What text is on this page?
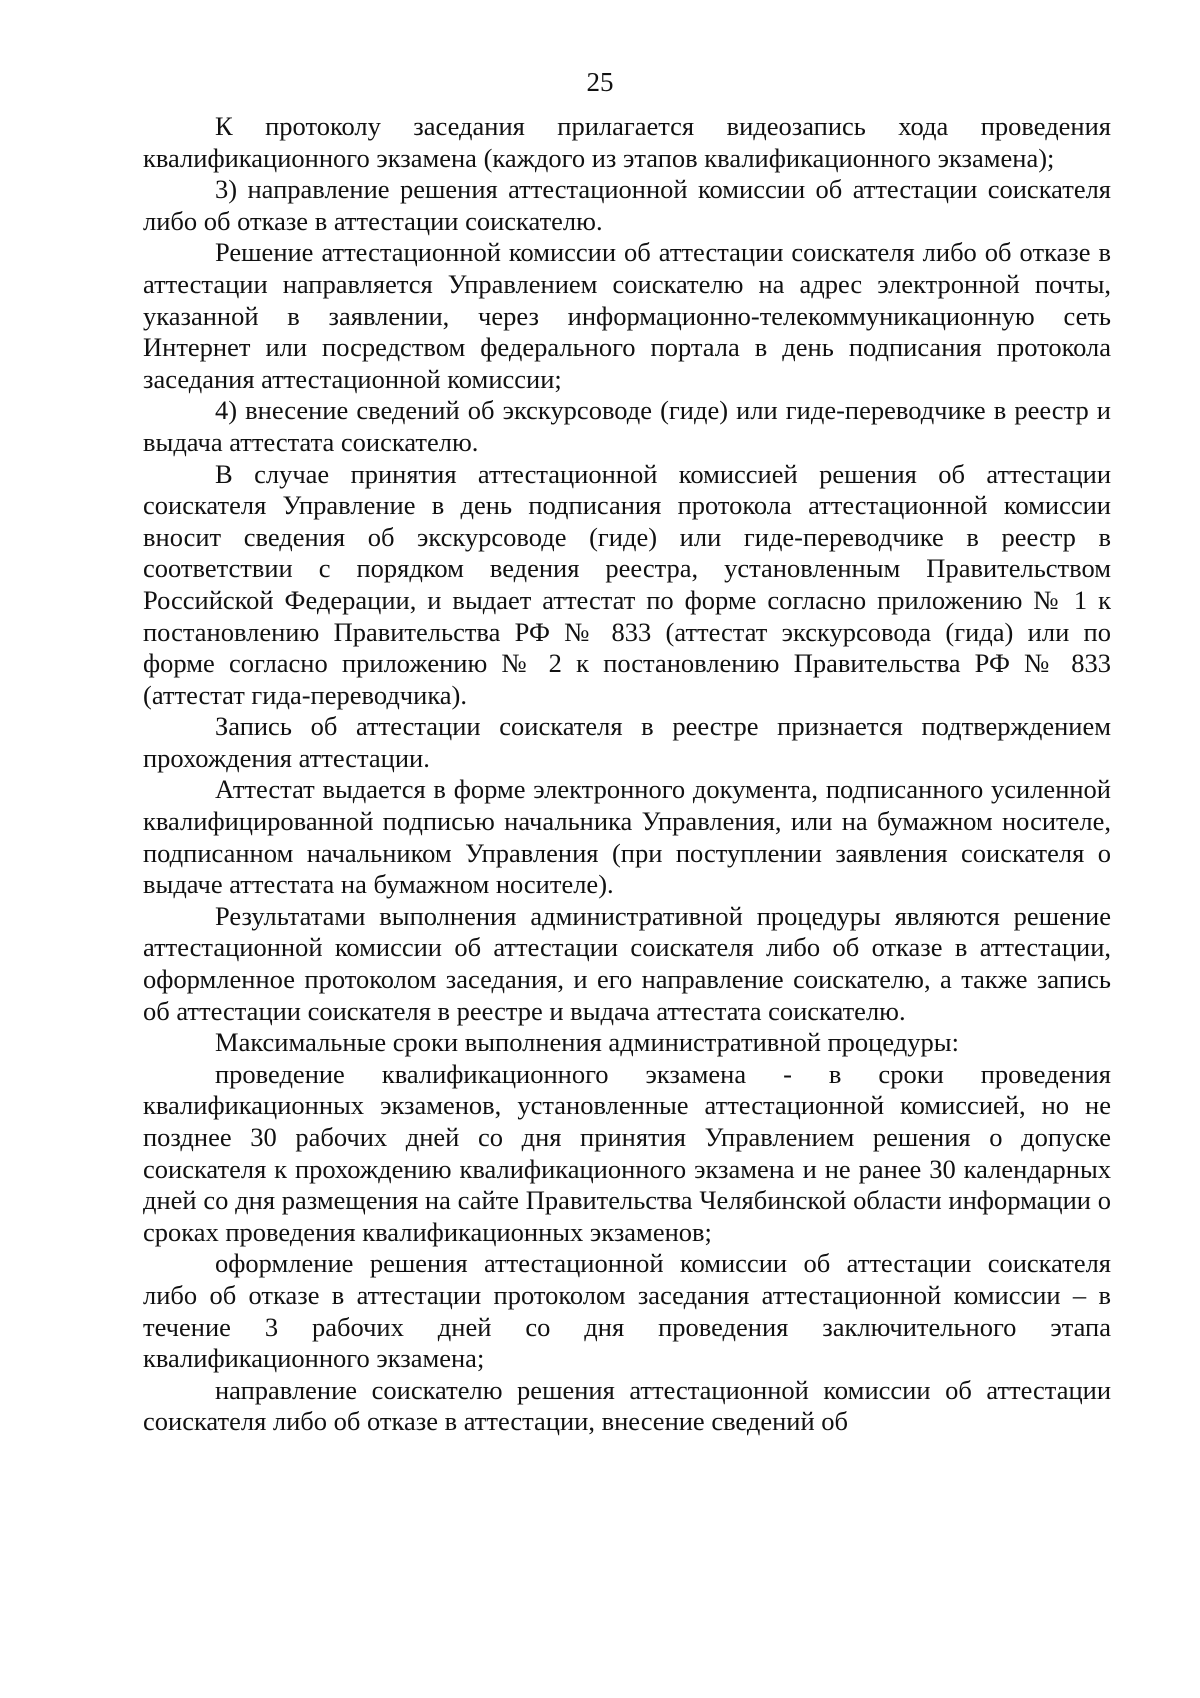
25

К протоколу заседания прилагается видеозапись хода проведения квалификационного экзамена (каждого из этапов квалификационного экзамена);

3) направление решения аттестационной комиссии об аттестации соискателя либо об отказе в аттестации соискателю.

Решение аттестационной комиссии об аттестации соискателя либо об отказе в аттестации направляется Управлением соискателю на адрес электронной почты, указанной в заявлении, через информационно-телекоммуникационную сеть Интернет или посредством федерального портала в день подписания протокола заседания аттестационной комиссии;

4) внесение сведений об экскурсоводе (гиде) или гиде-переводчике в реестр и выдача аттестата соискателю.

В случае принятия аттестационной комиссией решения об аттестации соискателя Управление в день подписания протокола аттестационной комиссии вносит сведения об экскурсоводе (гиде) или гиде-переводчике в реестр в соответствии с порядком ведения реестра, установленным Правительством Российской Федерации, и выдает аттестат по форме согласно приложению № 1 к постановлению Правительства РФ № 833 (аттестат экскурсовода (гида) или по форме согласно приложению № 2 к постановлению Правительства РФ № 833 (аттестат гида-переводчика).

Запись об аттестации соискателя в реестре признается подтверждением прохождения аттестации.

Аттестат выдается в форме электронного документа, подписанного усиленной квалифицированной подписью начальника Управления, или на бумажном носителе, подписанном начальником Управления (при поступлении заявления соискателя о выдаче аттестата на бумажном носителе).

Результатами выполнения административной процедуры являются решение аттестационной комиссии об аттестации соискателя либо об отказе в аттестации, оформленное протоколом заседания, и его направление соискателю, а также запись об аттестации соискателя в реестре и выдача аттестата соискателю.

Максимальные сроки выполнения административной процедуры:

проведение квалификационного экзамена - в сроки проведения квалификационных экзаменов, установленные аттестационной комиссией, но не позднее 30 рабочих дней со дня принятия Управлением решения о допуске соискателя к прохождению квалификационного экзамена и не ранее 30 календарных дней со дня размещения на сайте Правительства Челябинской области информации о сроках проведения квалификационных экзаменов;

оформление решения аттестационной комиссии об аттестации соискателя либо об отказе в аттестации протоколом заседания аттестационной комиссии – в течение 3 рабочих дней со дня проведения заключительного этапа квалификационного экзамена;

направление соискателю решения аттестационной комиссии об аттестации соискателя либо об отказе в аттестации, внесение сведений об
